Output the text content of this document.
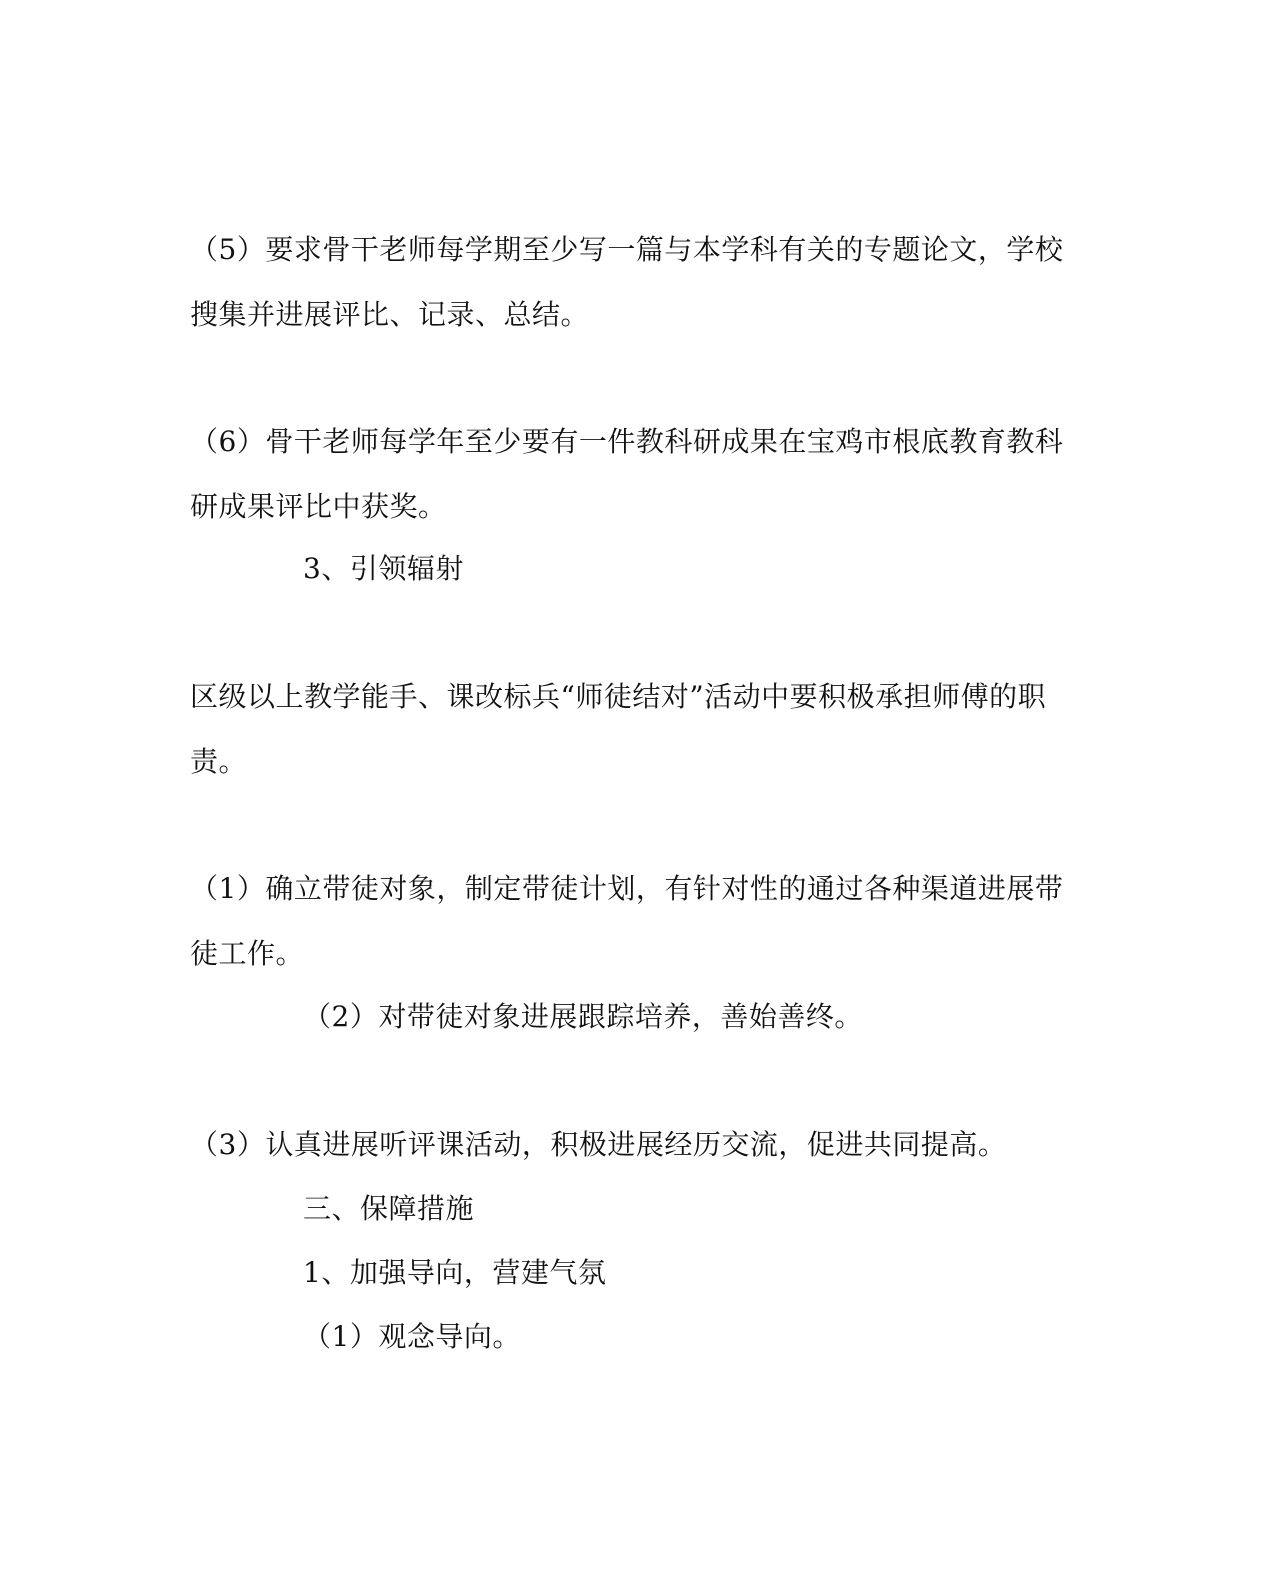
（5）要求骨干老师每学期至少写一篇与本学科有关的专题论文，学校

搜集并进展评比、记录、总结。

（6）骨干老师每学年至少要有一件教科研成果在宝鸡市根底教育教科

研成果评比中获奖。

3、引领辐射

区级以上教学能手、课改标兵“师徒结对”活动中要积极承担师傅的职

责。

（1）确立带徒对象，制定带徒计划，有针对性的通过各种渠道进展带

徒工作。

（2）对带徒对象进展跟踪培养，善始善终。

（3）认真进展听评课活动，积极进展经历交流，促进共同提高。

三、保障措施

1、加强导向，营建气氛

（1）观念导向。
